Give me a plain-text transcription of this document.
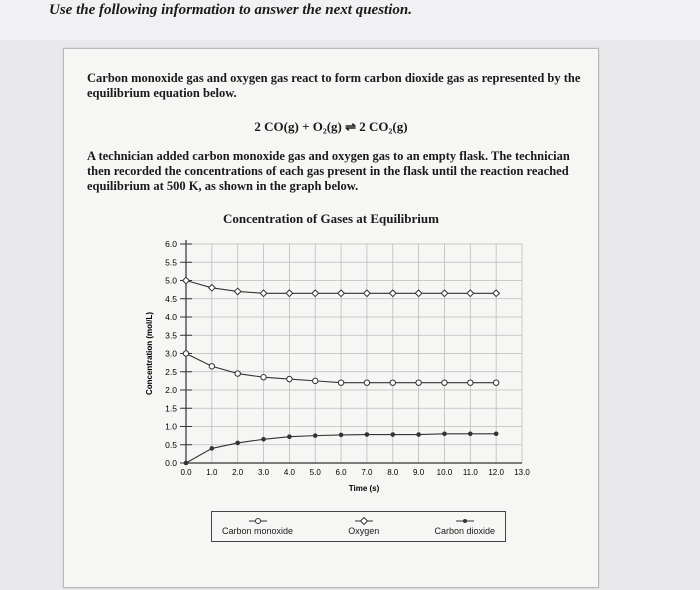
Use the following information to answer the next question.
Carbon monoxide gas and oxygen gas react to form carbon dioxide gas as represented by the equilibrium equation below.
2 CO(g) + O₂(g) ⇌ 2 CO₂(g)
A technician added carbon monoxide gas and oxygen gas to an empty flask. The technician then recorded the concentrations of each gas present in the flask until the reaction reached equilibrium at 500 K, as shown in the graph below.
Concentration of Gases at Equilibrium
0.0
0.5
1.0
1.5
2.0
2.5
3.0
3.5
4.0
4.5
5.0
5.5
6.0
0.0 1.0 2.0 3.0 4.0 5.0 6.0 7.0 8.0 9.0 10.0 11.0 12.0 13.0
Time (s)
Concentration (mol/L)
Carbon monoxide	Oxygen	Carbon dioxide
